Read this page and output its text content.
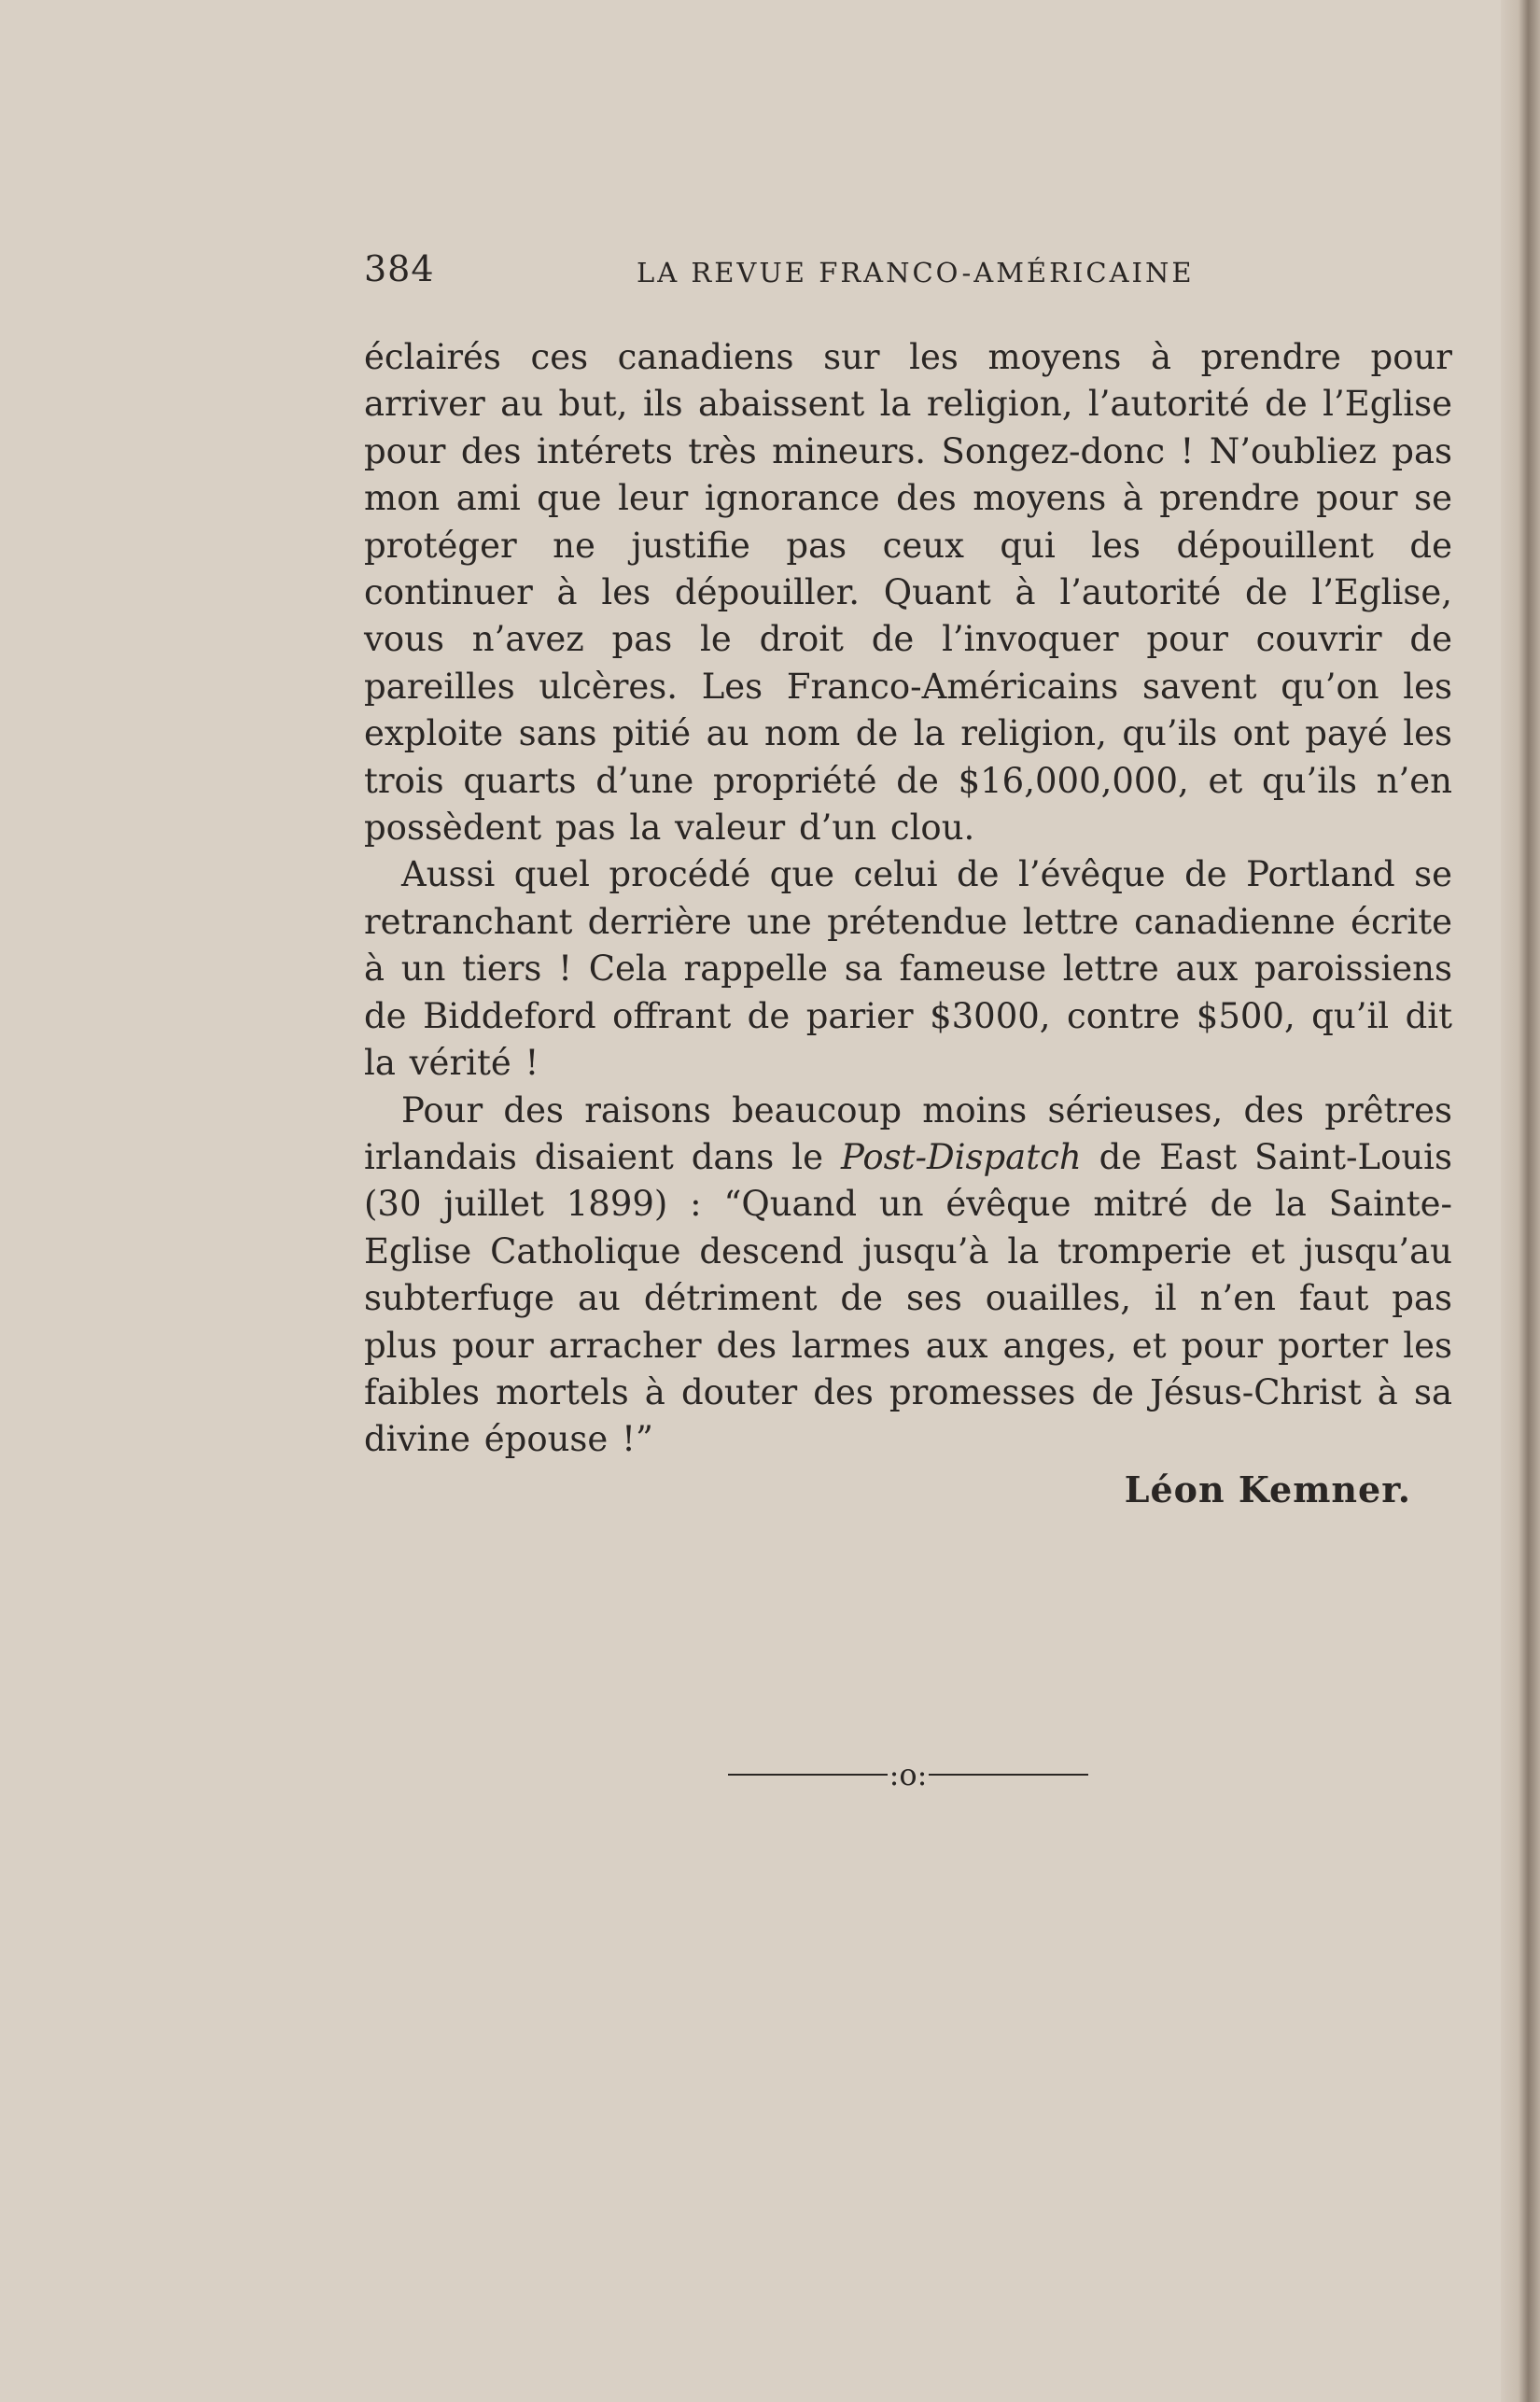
384	LA REVUE FRANCO-AMÉRICAINE

éclairés ces canadiens sur les moyens à prendre pour arriver au but, ils abaissent la religion, l’autorité de l’Eglise pour des intérets très mineurs. Songez-donc ! N’oubliez pas mon ami que leur ignorance des moyens à prendre pour se protéger ne justifie pas ceux qui les dépouillent de continuer à les dépouiller. Quant à l’autorité de l’Eglise, vous n’avez pas le droit de l’invoquer pour couvrir de pareilles ulcères. Les Franco-Américains savent qu’on les exploite sans pitié au nom de la religion, qu’ils ont payé les trois quarts d’une propriété de $16,000,000, et qu’ils n’en possèdent pas la valeur d’un clou.

Aussi quel procédé que celui de l’évêque de Portland se retranchant derrière une prétendue lettre canadienne écrite à un tiers ! Cela rappelle sa fameuse lettre aux paroissiens de Biddeford offrant de parier $3000, contre $500, qu’il dit la vérité !

Pour des raisons beaucoup moins sérieuses, des prêtres irlandais disaient dans le Post-Dispatch de East Saint-Louis (30 juillet 1899) : “Quand un évêque mitré de la Sainte-Eglise Catholique descend jusqu’à la tromperie et jusqu’au subterfuge au détriment de ses ouailles, il n’en faut pas plus pour arracher des larmes aux anges, et pour porter les faibles mortels à douter des promesses de Jésus-Christ à sa divine épouse !”

Léon Kemner.

:o:
